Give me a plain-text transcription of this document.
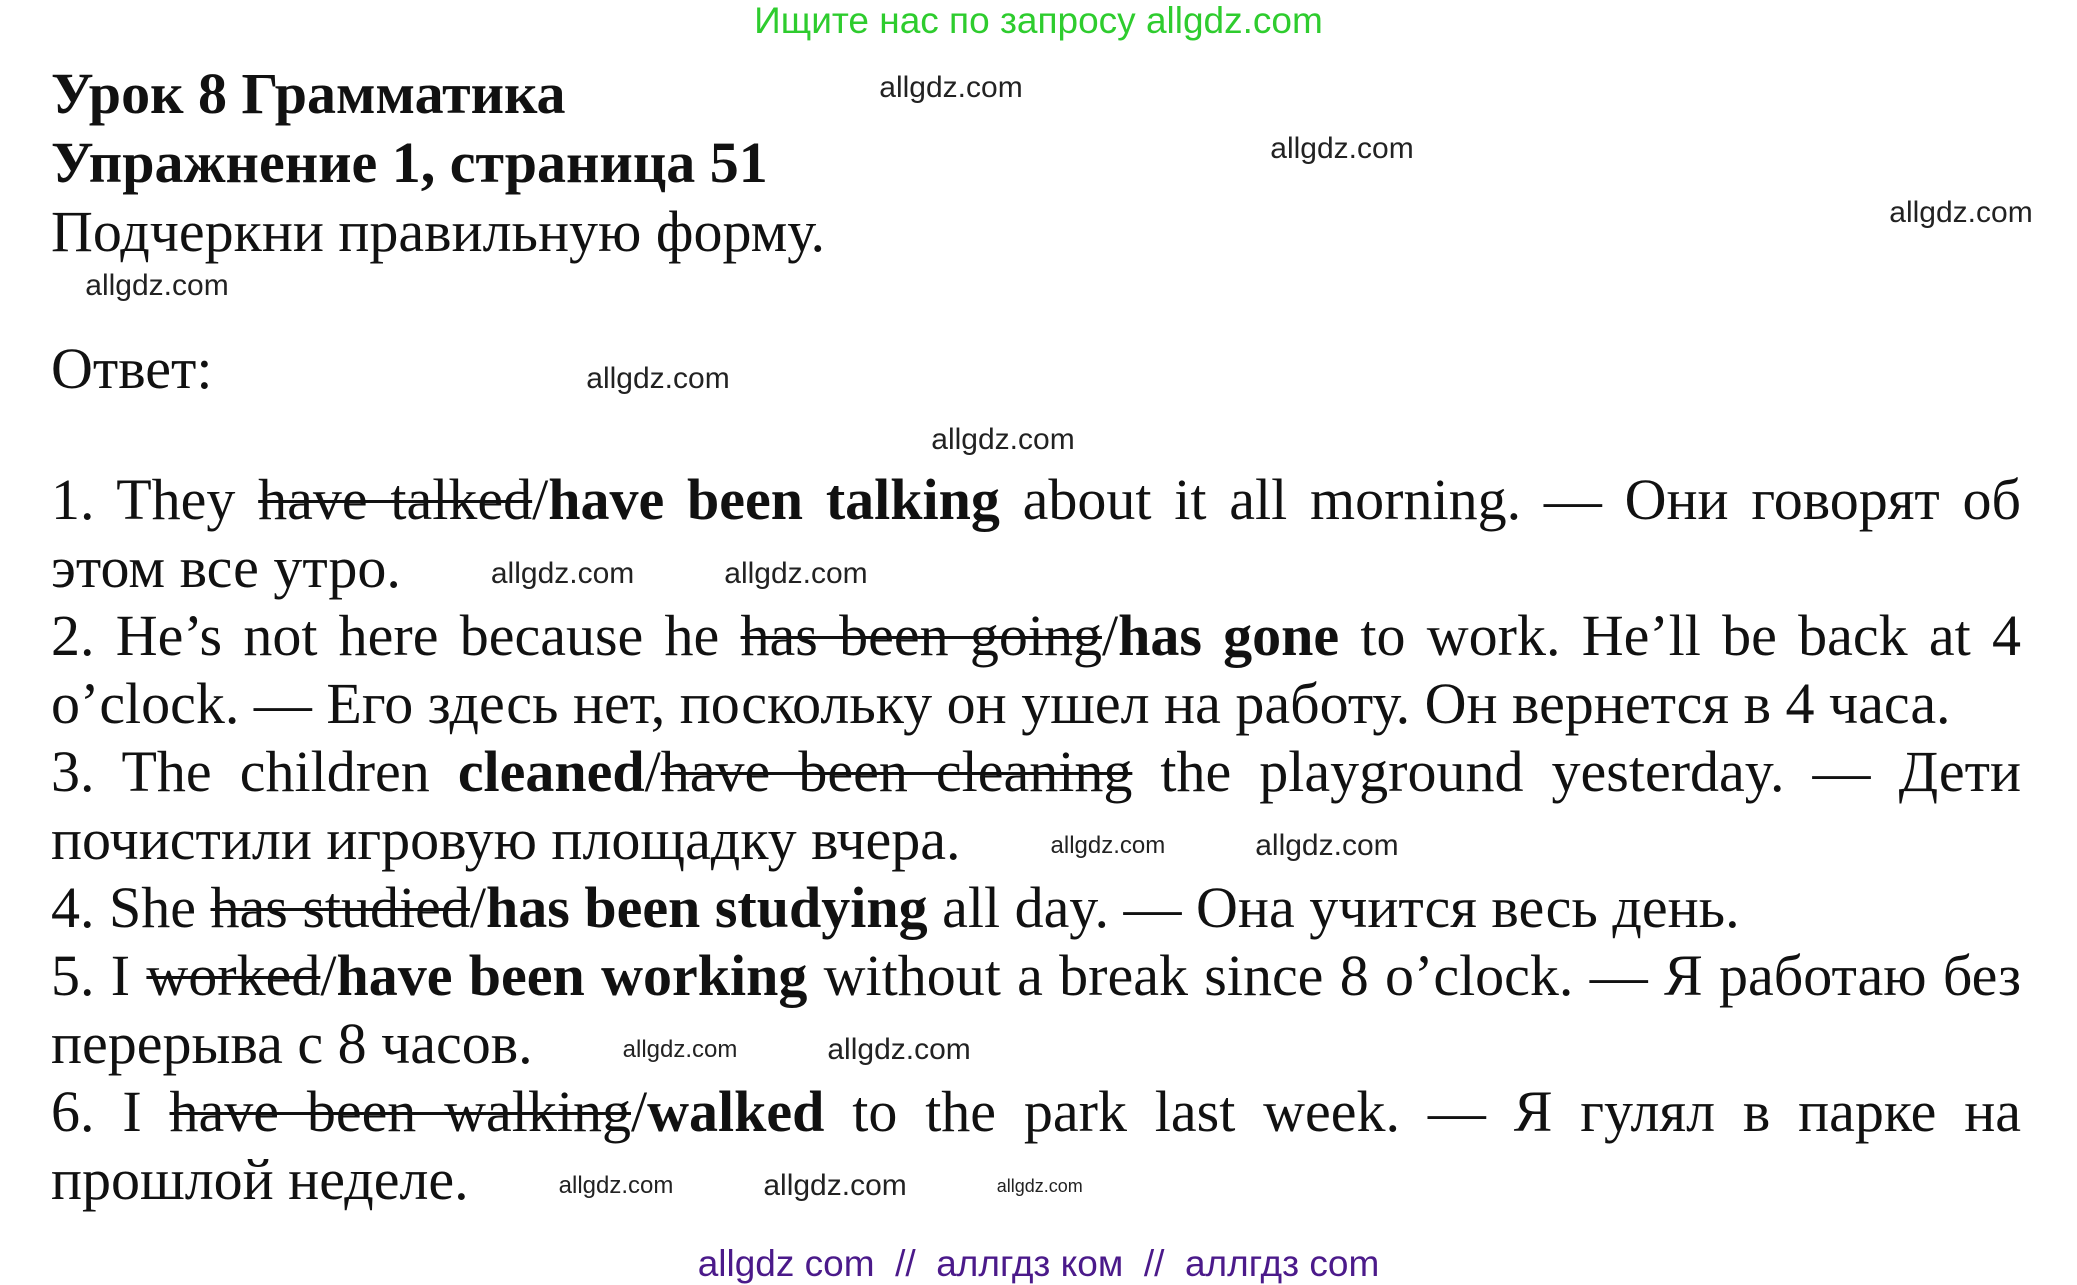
Ищите нас по запросу allgdz.com
Урок 8 Грамматика
Упражнение 1, страница 51
Подчеркни правильную форму.
Ответ:

1. They have talked/have been talking about it all morning. — Они говорят об этом все утро.	allgdz.com	allgdz.com

2. He’s not here because he has been going/has gone to work. He’ll be back at 4 o’clock. — Его здесь нет, поскольку он ушел на работу. Он вернется в 4 часа.

3. The children cleaned/have been cleaning the playground yesterday. — Дети почистили игровую площадку вчера.	allgdz.com	allgdz.com

4. She has studied/has been studying all day. — Она учится весь день.

5. I worked/have been working without a break since 8 o’clock. — Я работаю без перерыва с 8 часов.	allgdz.com	allgdz.com

6. I have been walking/walked to the park last week. — Я гулял в парке на прошлой неделе.	allgdz.com	allgdz.com	allgdz.com

allgdz.com
allgdz.com
allgdz.com
allgdz.com
allgdz.com
allgdz.com
allgdz com  //  аллгдз ком  //  аллгдз com
